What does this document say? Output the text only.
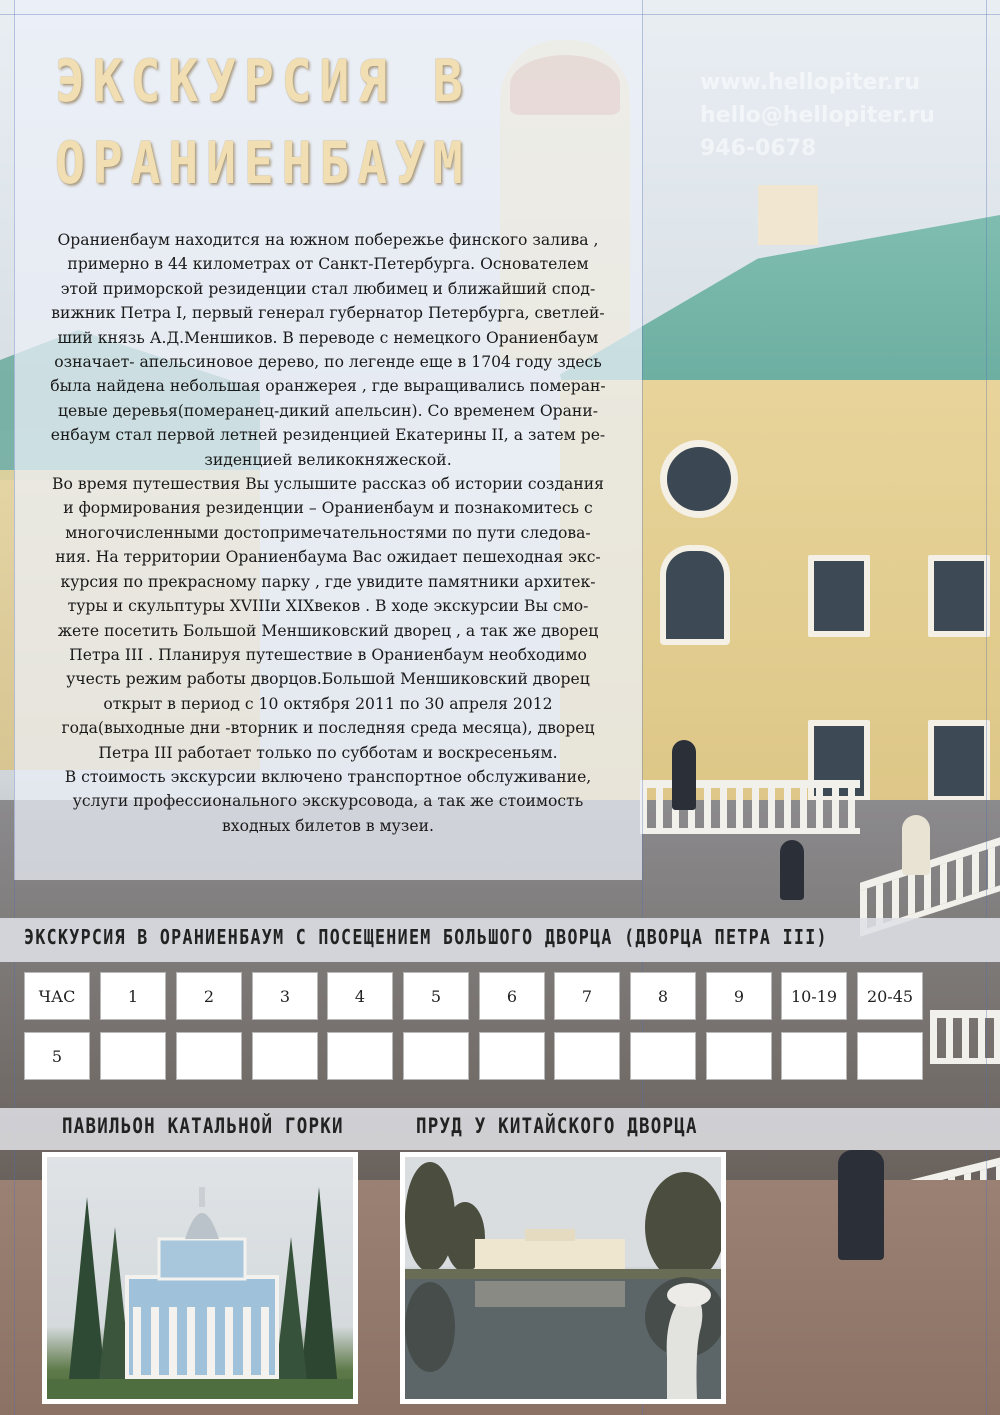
ЭКСКУРСИЯ В
ОРАНИЕНБАУМ
www.hellopiter.ru
hello@hellopiter.ru
946-0678

Ораниенбаум находится на южном побережье финского залива ,
примерно в 44 километрах от Санкт-Петербурга. Основателем
этой приморской резиденции стал любимец и ближайший спод-
вижник Петра I, первый генерал губернатор Петербурга, светлей-
ший князь А.Д.Меншиков. В переводе с немецкого Ораниенбаум
означает- апельсиновое дерево, по легенде еще в 1704 году здесь
была найдена небольшая оранжерея , где выращивались померан-
цевые деревья(померанец-дикий апельсин). Со временем Орани-
енбаум стал первой летней резиденцией Екатерины II, а затем ре-
зиденцией великокняжеской.

Во время путешествия Вы услышите рассказ об истории создания
и формирования резиденции – Ораниенбаум и познакомитесь с
многочисленными достопримечательностями по пути следова-
ния. На территории Ораниенбаума Вас ожидает пешеходная экс-
курсия по прекрасному парку , где увидите памятники архитек-
туры и скульптуры XVIIIи XIXвеков . В ходе экскурсии Вы смо-
жете посетить Большой Меншиковский дворец , а так же дворец
Петра III . Планируя путешествие в Ораниенбаум необходимо
учесть режим работы дворцов.Большой Меншиковский дворец
открыт в период с 10 октября 2011 по 30 апреля 2012
года(выходные дни -вторник и последняя среда месяца), дворец
Петра III работает только по субботам и воскресеньям.

В стоимость экскурсии включено транспортное обслуживание,
услуги профессионального экскурсовода, а так же стоимость
входных билетов в музеи.

ЭКСКУРСИЯ В ОРАНИЕНБАУМ С ПОСЕЩЕНИЕМ БОЛЬШОГО ДВОРЦА (ДВОРЦА ПЕТРА III)
ЧАС	1	2	3	4	5	6	7	8	9	10-19	20-45
5
ПАВИЛЬОН КАТАЛЬНОЙ ГОРКИ	ПРУД У КИТАЙСКОГО ДВОРЦА
